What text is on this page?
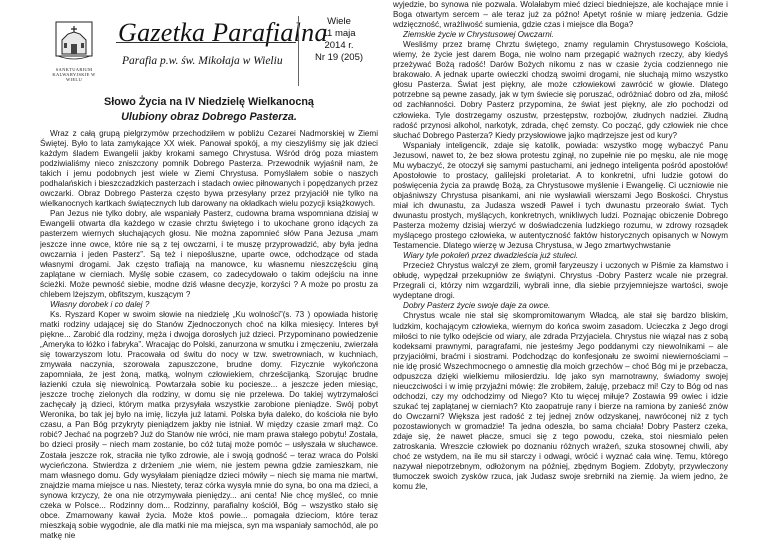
SANKTUARIUM KALWARYJSKIE W WIELU
Gazetka Parafialna
Parafia p.w. św. Mikołaja w Wieliu
Wiele
11 maja
2014 r.
Nr 19 (205)
Słowo Życia na IV Niedzielę Wielkanocną
Ulubiony obraz Dobrego Pasterza.

Wraz z całą grupą pielgrzymów przechodziłem w pobliżu Cezarei Nadmorskiej w Ziemi Świętej. Było to lata zamykające XX wiek. Panował spokój, a my cieszyliśmy się jak dzieci każdym śladem Ewangelii jakby krokami samego Chrystusa. Wśród dróg poza miastem podziwialiśmy nieco zniszczony pomnik Dobrego Pasterza. Przewodnik wyjaśnił nam, że takich i jemu podobnych jest wiele w Ziemi Chrystusa. Pomyślałem sobie o naszych podhalańskich i bieszczadzkich pasterzach i stadach owiec piłnowanych i popędzanych przez owczarki. Obraz Dobrego Pasterza często bywa przesyłany przez przyjaciół nie tylko na wielkanocnych kartkach świątecznych lub darowany na okładkach wielu pozycji książkowych.

Pan Jezus nie tylko dobry, ale wspaniały Pasterz, cudowna brama wspomniana dzisiaj w Ewangelii otwarta dla każdego w czasie chrztu świętego i to ukochane grono idących za pasterzem wiernych słuchających głosu. Nie można zapomnieć słów Pana Jezusa „mam jeszcze inne owce, które nie są z tej owczarni, i te muszę przyprowadzić, aby była jedna owczarnia i jeden Pasterz”. Są też i niepoślusznе, uparte owce, odchodzące od stada własnymi drogami. Jak często trafiają na manowce, ku własnemu nieszczęściu giną zaplątane w cierniach. Myślę sobie czasem, co zadecydowało o takim odejściu na inne ścieżki. Może pewność siebie, modne dziś własne decyzje, korzyści ? A może po prostu za chlebem lżejszym, obfitszym, kuszącym ?

Własny dorobek i co dalej ?

Ks. Ryszard Koper w swoim słowie na niedzielę „Ku wolności”(s. 73 ) opowiada historię matki rodziny udającej się do Stanów Zjednoczonych choć na kilka miesięcy. Interes był piękne... Zarobić dla rodziny, mężа i dwojga dorosłych już dzieci. Przypominano powiedzenie „Ameryka to łóżko i fabryka”. Wracając do Polski, zanurzona w smutku i zmęczeniu, zwierzała się towarzyszom lotu. Pracowała od świtu do nocy w tzw. swetrowniach, w kuchniach, zmywała naczynia, szorowała zapuszczone, brudne domy. Fizycznie wykończona zapomniała, że jest żoną, matką, wolnym człowiekiem, chrześcijanką. Szorując brudne łazienki czuła się niewolnicą. Powtarzała sobie ku pociesze... a jeszcze jeden miesiąc, jeszcze trochę zielonych dla rodziny, w domu się nie przelewa. Do takiej wytrzymałości zachęcały ją dzieci, którym matka przysyłała wszystkie zarobione pieniądze. Swój pobyt Weronika, bo tak jej było na imię, liczyła już latami. Polska była daleko, do kościoła nie było czasu, a Pan Bóg przykryty pieniądzem jakby nie istniał. W między czasie zmarł mąż. Co robić? Jechać na pogrzeb? Już do Stanów nie wróci, nie mam prawa stałego pobytu! Została, bo dzieci prosiły – niech mam zostanie, bo cóż tutaj może pomóc – usłyszała w słuchawce. Została jeszcze rok, straciła nie tylko zdrowie, ale i swoją godność – teraz wraca do Polski wycieńczona. Stwierdza z drżeniem „nie wiem, nie jestem pewna gdzie zamieszkam, nie mam własnego domu. Gdy wysyłałam pieniądze dzieci mówiły – niech się mama nie martwi, znajdzie mama miejsce u nas. Niestety, teraz córka wysyła mnie do syna, bo ona ma dzieci, a synowa krzyczy, że ona nie otrzymywała pieniędzy... ani centa! Nie chcę myśleć, co mnie czeka w Polsce... Rodzinny dom... Rodzinny, parafialny kościół, Bóg – wszystko stało się obce. Zmarnowany kawał życia. Może ktoś powie... pomagała dzieciom, które teraz mieszkają sobie wygodnie, ale dla matki nie ma miejsca, syn ma wspaniały samochód, ale po matkę nie

wyjedzie, bo synowa nie pozwala. Wolałabym mieć dzieci biedniejsze, ale kochające mnie i Boga otwartym sercem – ale teraz już za późno! Apetyt rośnie w miarę jedzenia. Gdzie wdzięczność, wrażliwość sumienia, gdzie czas i miejsce dla Boga?

Ziemskie życie w Chrystusowej Owczarni.

Wesliśmy przez bramę Chrztu świętego, znamy regulamin Chrystusowego Kościoła, wiemy, że życie jest darem Boga, nie wolno nam przegapić ważnych rzeczy, aby kiedyś przeżywać Bożą radość! Darów Bożych nikomu z nas w czasie życia codziennego nie brakowało. A jednak uparte owieczki chodzą swoimi drogami, nie słuchają mimo wszystko głosu Pasterza. Świat jest piękny, ale może człowiekowi zawrócić w głowie. Dlatego potrzebne są pewne zasady, jak w tym świecie się poruszać, odróżniać dobro od zła, miłość od zachłanności. Dobry Pasterz przypomina, że świat jest piękny, ale zło pochodzi od człowieka. Tyle dostrzegamy oszustw, przestępstw, rozbojów, złudnych nadziei. Złudną radość przynosi alkohol, narkotyk, zdrada, chęć zemsty. Co począć, gdy człowiek nie chce słuchać Dobrego Pasterza? Kiedy przysłowiowe jajko mądrzejsze jest od kury?

Wspaniały inteligencik, zdaje się katolik, powiada: wszystko mogę wybaczyć Panu Jezusowi, nawet to, że bez słowa protestu zginął, no zupełnie nie po męsku, ale nie mogę Mu wybaczyć, że otoczył się samymi pastuchami, ani jednego inteligenta pośród apostołów! Apostołowie to prostacy, galilejski proletariat. A to konkretni, ufni ludzie gotowi do poświęcenia życia za prawdę Bożą, za Chrystusowe myślenie i Ewangelię. Ci uczniowie nie objaśniwszy Chrystusa pisankami, ani nie wysławiali wierszami Jego Boskości. Chrystus miał ich dwunastu, za Judasza wszedł Paweł i tych dwunastu przeorało świat. Tych dwunastu prostych, myślących, konkretnych, wnikliwych ludzi. Poznając obiczenie Dobrego Pasterza możemy dzisiaj wierzyć w doświadczenia ludzkiego rozumu, w zdrowy rozsądek myślącego prostego człowieka, w autentyczność faktów historycznych opisanych w Nowym Testamencie. Dlatego wierzę w Jezusa Chrystusa, w Jego zmartwychwstanie

Wiary tyle pokoleń przez dwadzieścia już stuleci.

Przecież Chrystus walczył ze złem, gromił faryzeuszy i uczonych w Piśmie za kłamstwo i obłudę, wypędzał przekupniów ze świątyni. Chrystus -Dobry Pasterz wcale nie przegrał. Przegrali ci, którzy nim wzgardzili, wybrali inne, dla siebie przyjemniejsze wartości, swoje wydeptane drogi.

Dobry Pasterz życie swoje daje za owce.

Chrystus wcale nie stał się skompromitowanym Władcą, ale stał się bardzo bliskim, ludzkim, kochającym człowieka, wiernym do końca swoim zasadom. Ucieczka z Jego drogi miłości to nie tylko odejście od wiary, ale zdrada Przyjaciela. Chrystus nie wiązał nas z sobą kodeksami prawnymi, paragrafami, nie jesteśmy Jego poddanymi czy niewolnikami – ale przyjaciółmi, braćmi i siostrami. Podchodząc do konfesjonału ze swoimi niewiernościami – nie idę prosić Wszechmocnego o amnestię dla moich grzechów – choć Bóg mi je przebacza, odpuszcza dzięki wielkiemu miłosierdziu. Idę jako syn marnotrawny, świadomy swojej nieuczciwości i w imię przyjaźni mówię: źle zrobiłem, żałuję, przebacz mi! Czy to Bóg od nas odchodzi, czy my odchodzimy od Niego? Kto tu więcej miłuje? Zostawia 99 owiec i idzie szukać tej zaplątanej w cierniach? Kto zaopatruje rany i bierze na ramiona by zanieść znów do Owczarni? Większa jest radość z tej jednej znów odzyskanej, nawróconej niż z tych pozostawionych w gromadzie! Ta jedna odeszła, bo sama chciała! Dobry Pasterz czeka, zdaje się, że nawet płacze, smuci się z tego powodu, czeka, stoi niesmialo pełen zatroskania. Wreszcie człowiek po doznaniu różnych wrażeń, szuka stosownej chwili, aby choć ze wstydem, na ile mu sił starczy i odwagi, wrócić i wyznać cała winę. Temu, którego nazywał niepotrzebnym, odłożonym na później, zbędnym Bogiem. Zdobyty, przywleczony tłumoczek swoich zysków rzuca, jak Judasz swoje srebrniki na ziemię. Ja wiem jedno, że komu źle,
